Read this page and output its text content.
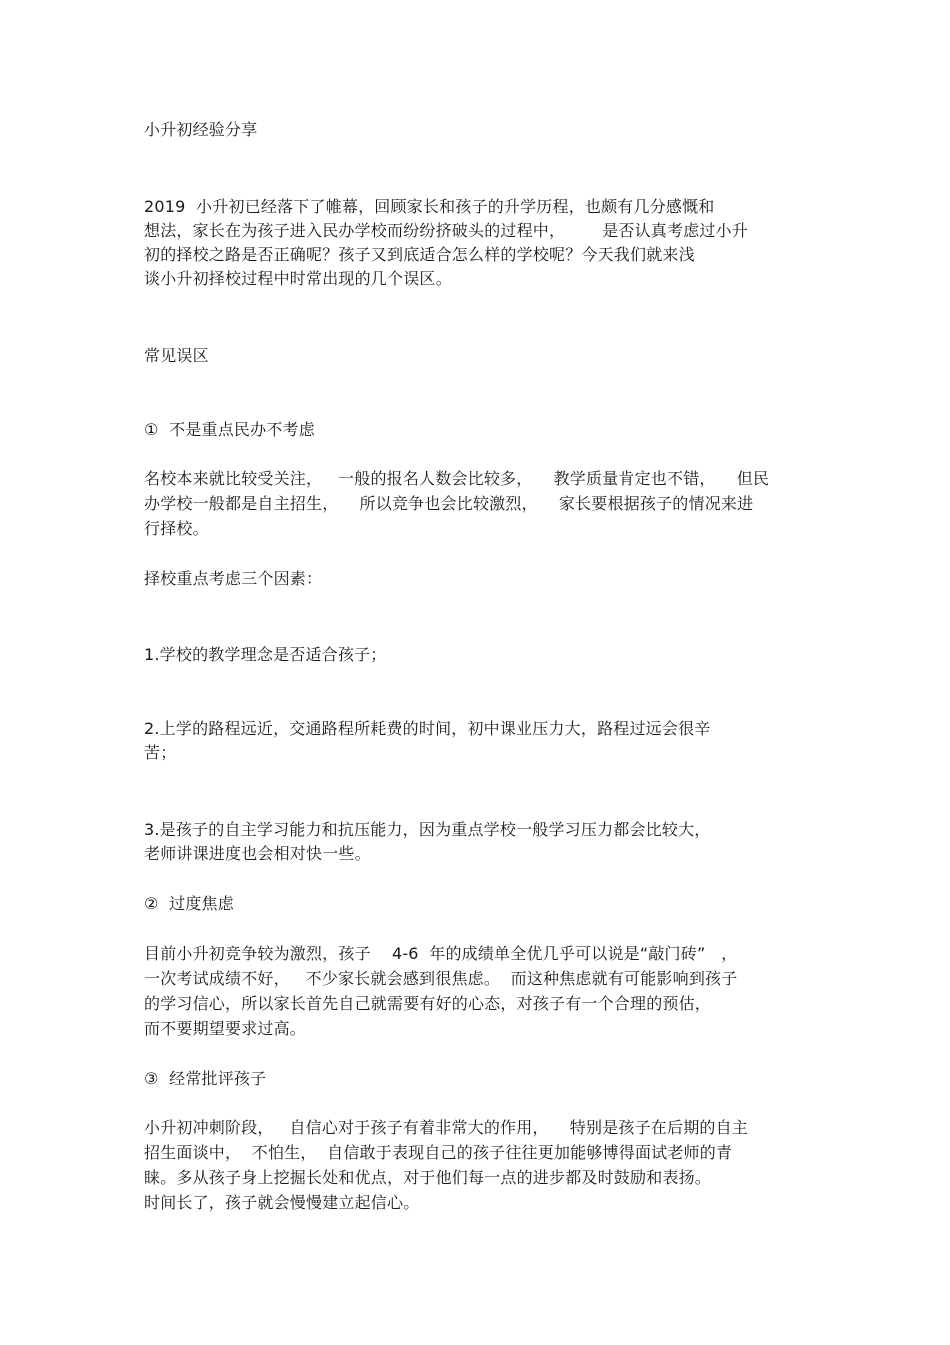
小升初经验分享
2019  小升初已经落下了帷幕，回顾家长和孩子的升学历程，也颇有几分感慨和
想法，家长在为孩子进入民办学校而纷纷挤破头的过程中，       是否认真考虑过小升
初的择校之路是否正确呢？孩子又到底适合怎么样的学校呢？今天我们就来浅
谈小升初择校过程中时常出现的几个误区。
常见误区
①  不是重点民办不考虑
名校本来就比较受关注，   一般的报名人数会比较多，    教学质量肯定也不错，    但民
办学校一般都是自主招生，    所以竞争也会比较激烈，    家长要根据孩子的情况来进
行择校。
择校重点考虑三个因素：
1.学校的教学理念是否适合孩子；
2.上学的路程远近，交通路程所耗费的时间，初中课业压力大，路程过远会很辛
苦；
3.是孩子的自主学习能力和抗压能力，因为重点学校一般学习压力都会比较大，
老师讲课进度也会相对快一些。
②  过度焦虑
目前小升初竞争较为激烈，孩子    4-6  年的成绩单全优几乎可以说是“敲门砖”   ，
一次考试成绩不好，   不少家长就会感到很焦虑。  而这种焦虑就有可能影响到孩子
的学习信心，所以家长首先自己就需要有好的心态，对孩子有一个合理的预估，
而不要期望要求过高。
③  经常批评孩子
小升初冲刺阶段，   自信心对于孩子有着非常大的作用，    特别是孩子在后期的自主
招生面谈中，  不怕生，  自信敢于表现自己的孩子往往更加能够博得面试老师的青
睐。多从孩子身上挖掘长处和优点，对于他们每一点的进步都及时鼓励和表扬。
时间长了，孩子就会慢慢建立起信心。
